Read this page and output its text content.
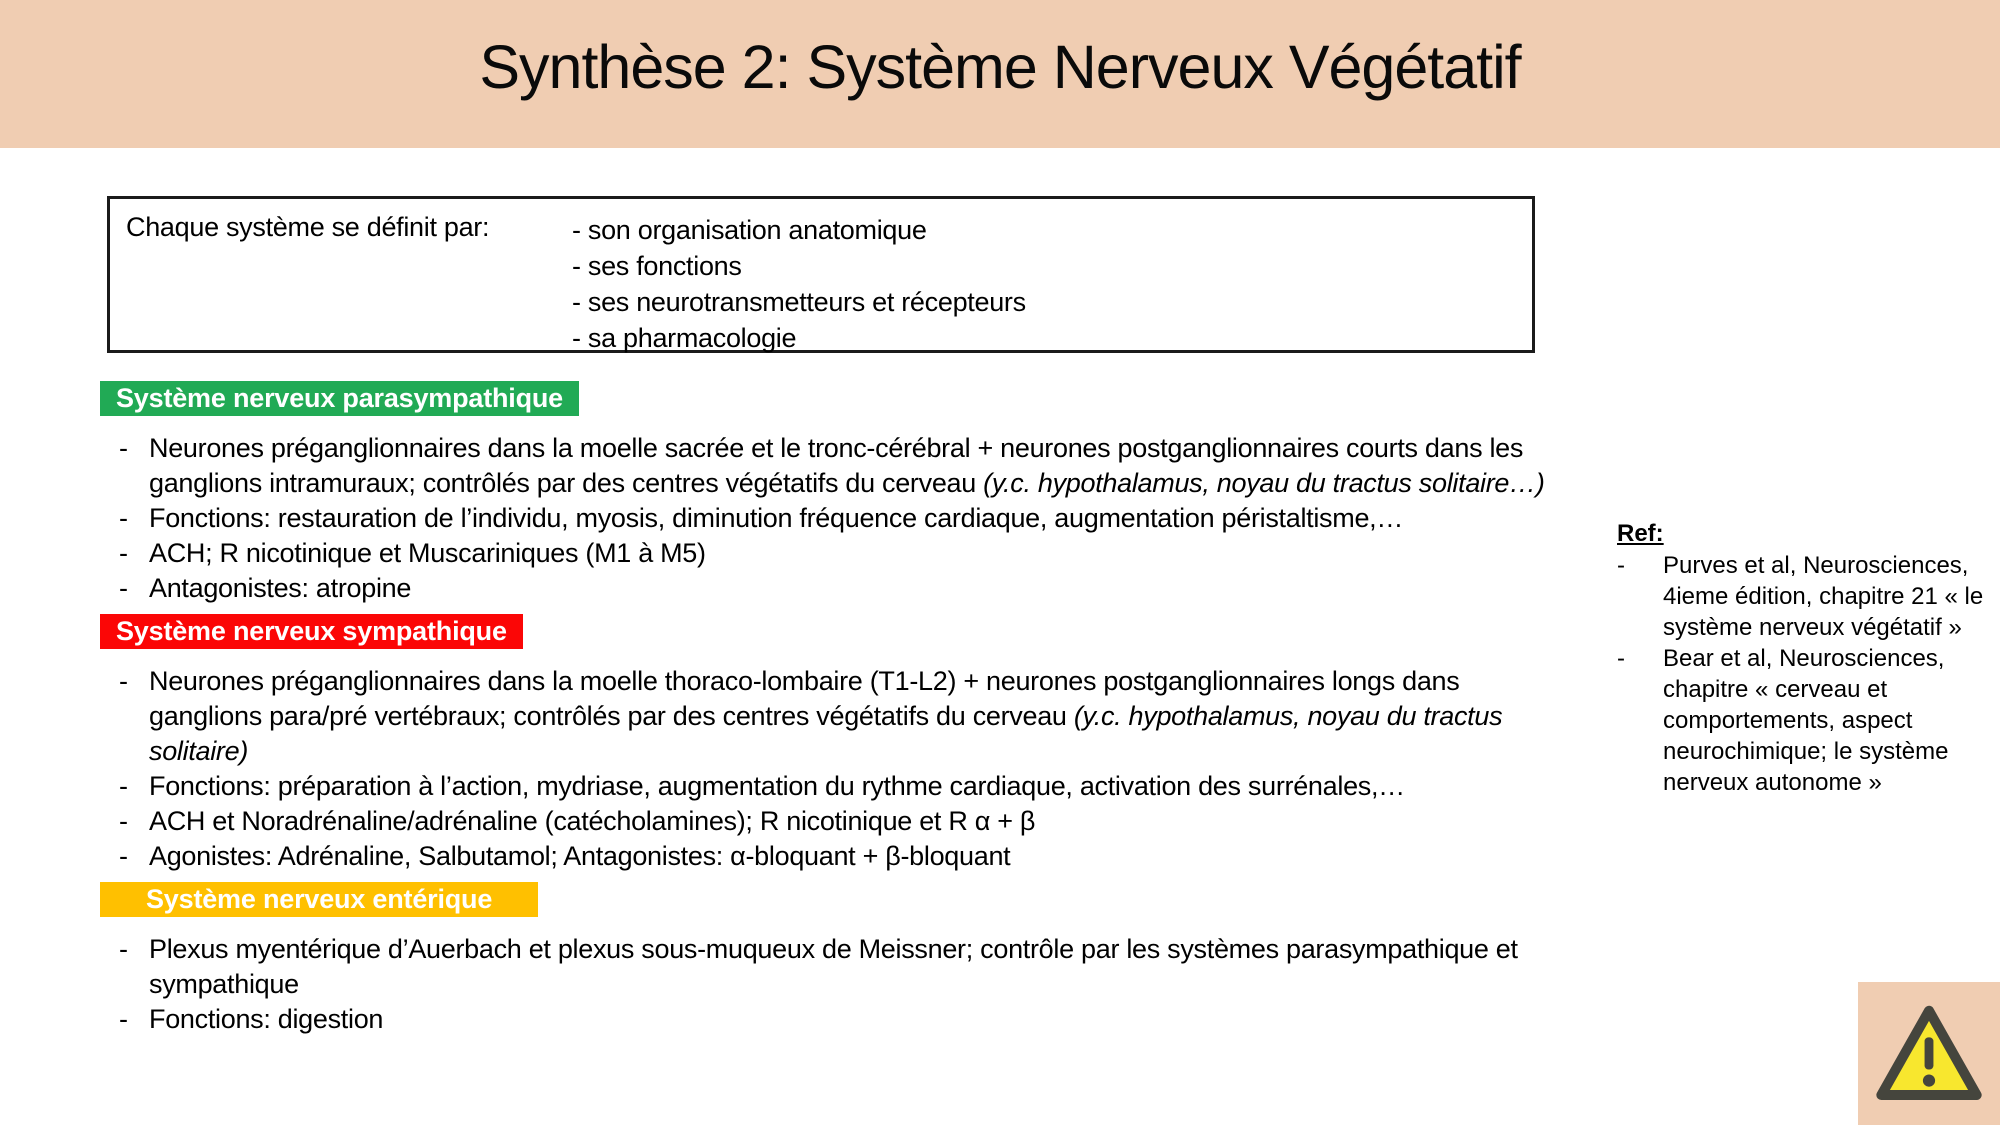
Synthèse 2: Système Nerveux Végétatif
Chaque système se définit par:	- son organisation anatomique
- ses fonctions
- ses neurotransmetteurs et récepteurs
- sa pharmacologie
Système nerveux parasympathique
- Neurones préganglionnaires dans la moelle sacrée et le tronc-cérébral + neurones postganglionnaires courts dans les ganglions intramuraux; contrôlés par des centres végétatifs du cerveau (y.c. hypothalamus, noyau du tractus solitaire…)
- Fonctions: restauration de l’individu, myosis, diminution fréquence cardiaque, augmentation péristaltisme,…
- ACH; R nicotinique et Muscariniques (M1 à M5)
- Antagonistes: atropine
Système nerveux sympathique
- Neurones préganglionnaires dans la moelle thoraco-lombaire (T1-L2) + neurones postganglionnaires longs dans ganglions para/pré vertébraux; contrôlés par des centres végétatifs du cerveau (y.c. hypothalamus, noyau du tractus solitaire)
- Fonctions: préparation à l’action, mydriase, augmentation du rythme cardiaque, activation des surrénales,…
- ACH et Noradrénaline/adrénaline (catécholamines); R nicotinique et R α + β
- Agonistes: Adrénaline, Salbutamol; Antagonistes: α-bloquant + β-bloquant
Système nerveux entérique
- Plexus myentérique d’Auerbach et plexus sous-muqueux de Meissner; contrôle par les systèmes parasympathique et sympathique
- Fonctions: digestion
Ref:
-	Purves et al, Neurosciences, 4ieme édition, chapitre 21 « le système nerveux végétatif »
-	Bear et al, Neurosciences, chapitre « cerveau et comportements, aspect neurochimique; le système nerveux autonome »
